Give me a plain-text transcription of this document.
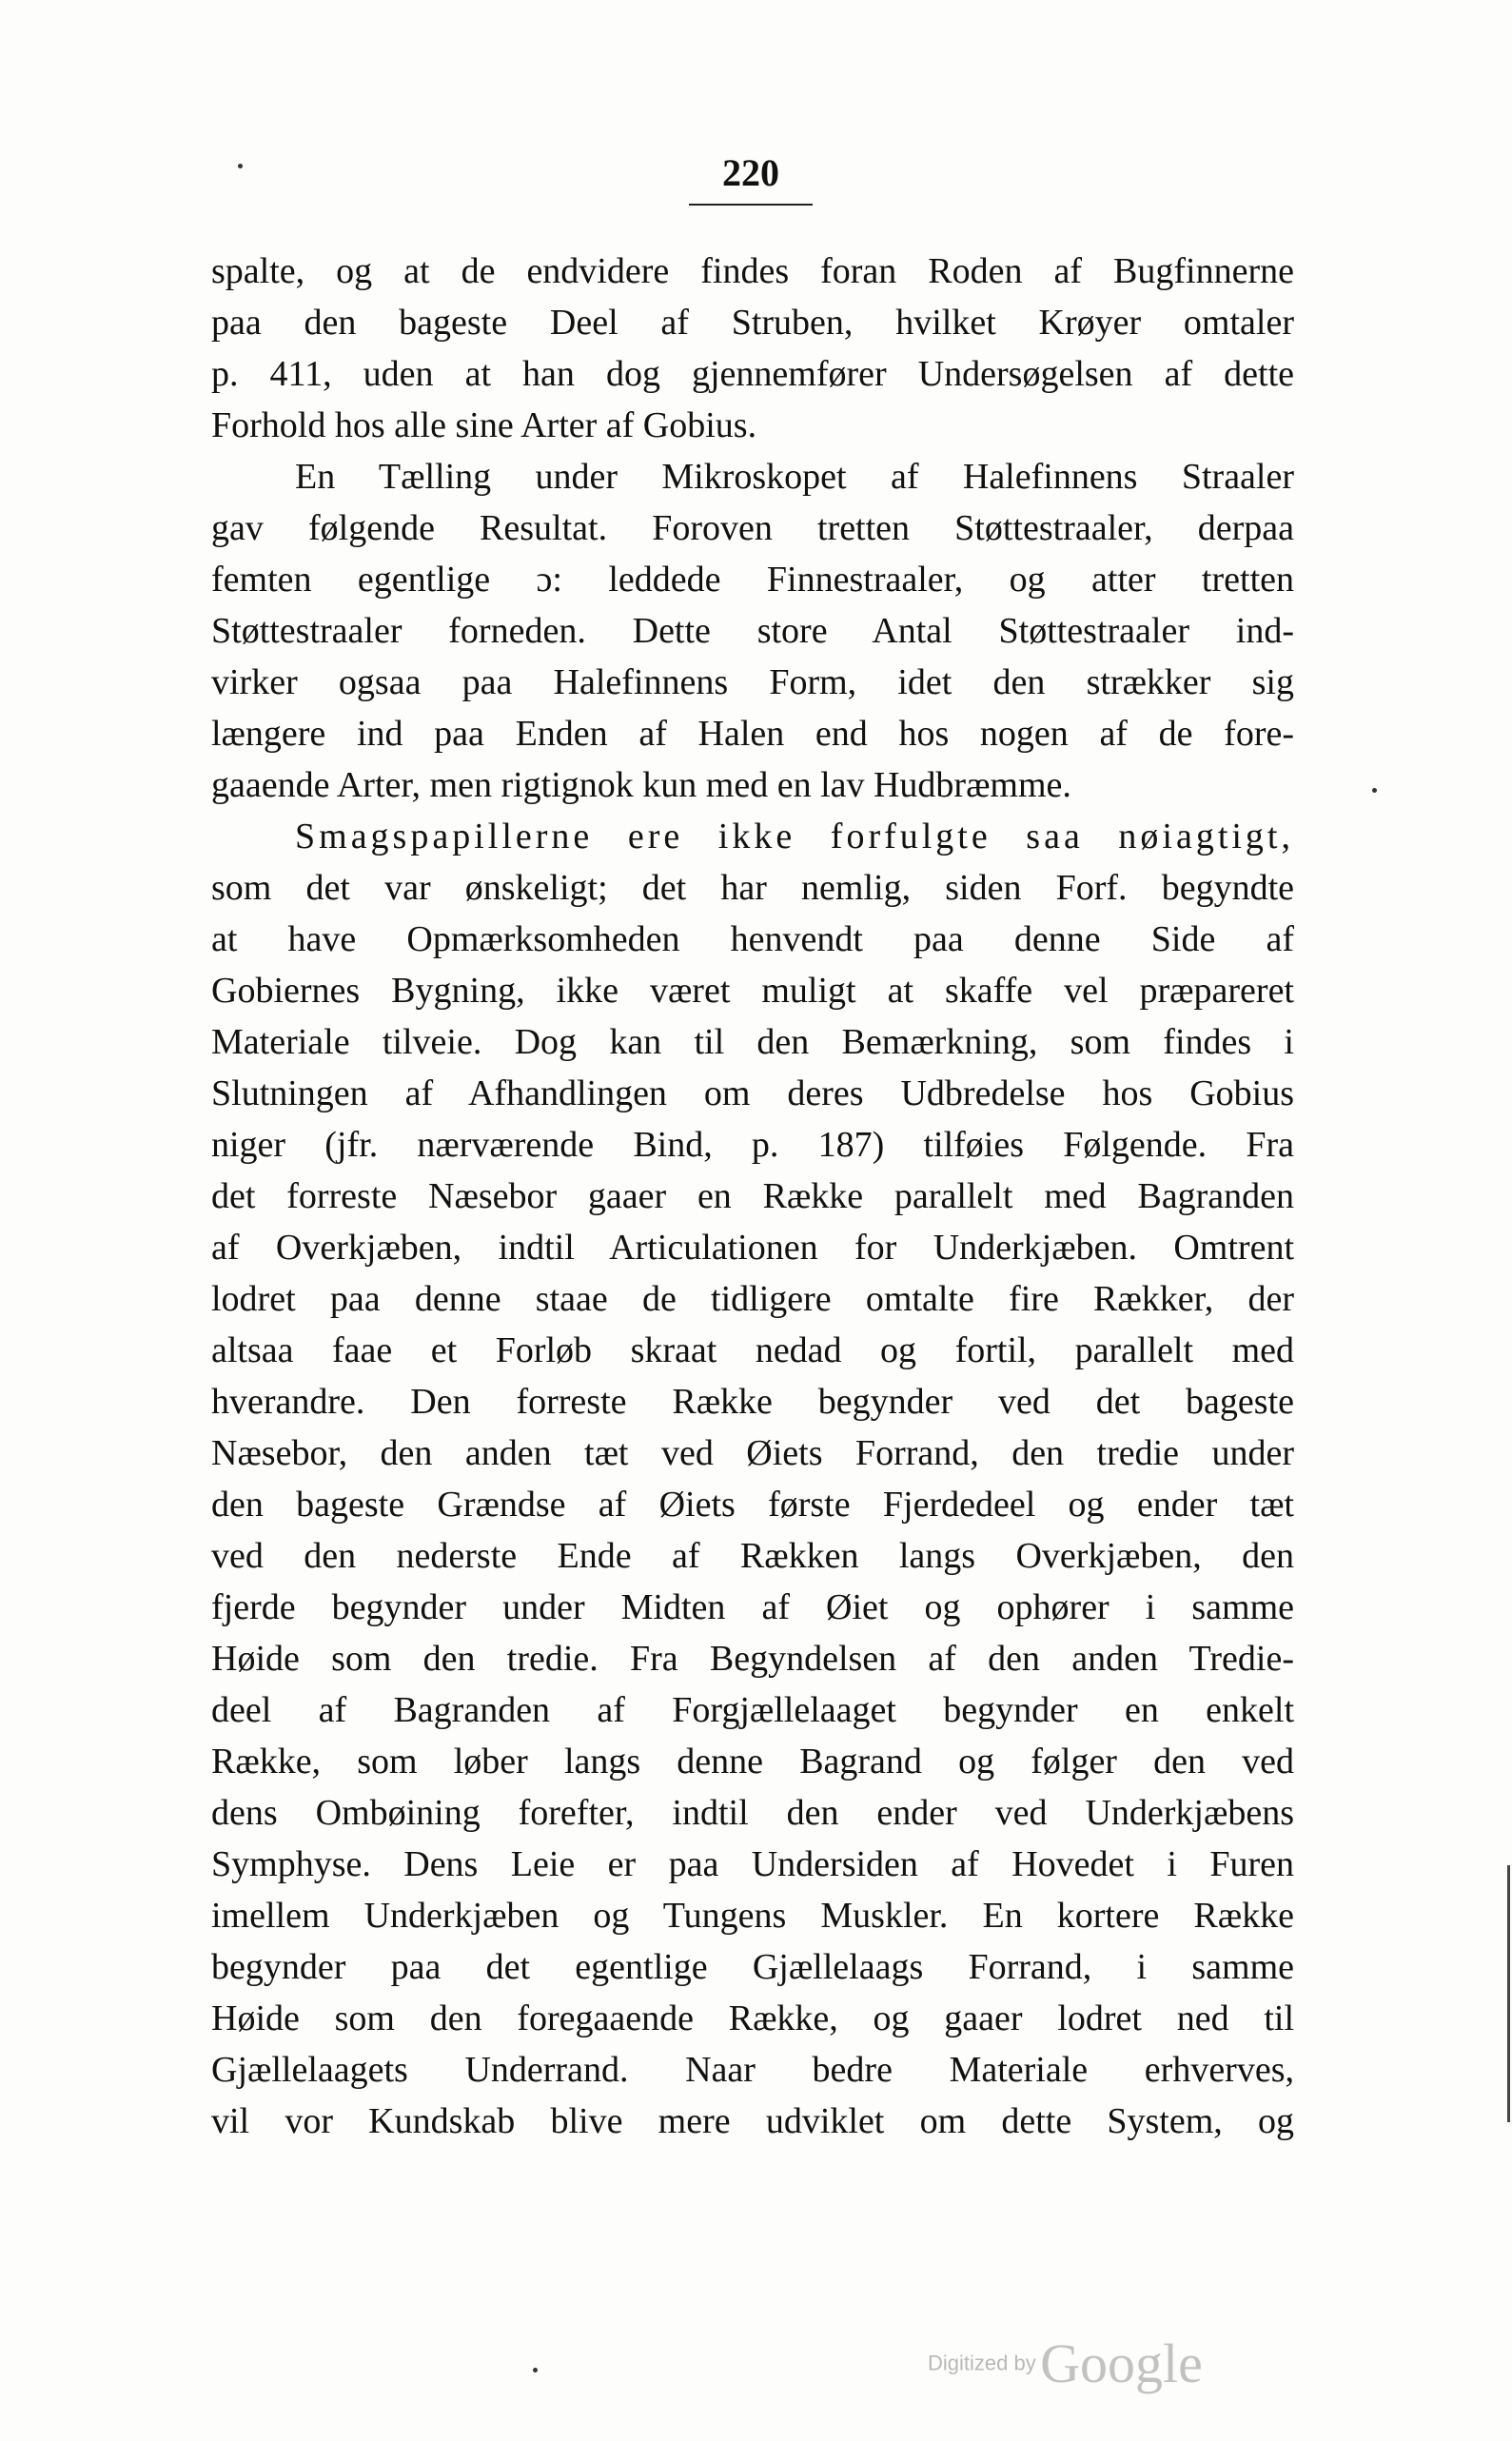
220
spalte, og at de endvidere findes foran Roden af Bugfinnerne
paa den bageste Deel af Struben, hvilket Krøyer omtaler
p. 411, uden at han dog gjennemfører Undersøgelsen af dette
Forhold hos alle sine Arter af Gobius.
En Tælling under Mikroskopet af Halefinnens Straaler
gav følgende Resultat. Foroven tretten Støttestraaler, derpaa
femten egentlige ɔ: leddede Finnestraaler, og atter tretten
Støttestraaler forneden. Dette store Antal Støttestraaler ind-
virker ogsaa paa Halefinnens Form, idet den strækker sig
længere ind paa Enden af Halen end hos nogen af de fore-
gaaende Arter, men rigtignok kun med en lav Hudbræmme.
Smagspapillerne ere ikke forfulgte saa nøiagtigt,
som det var ønskeligt; det har nemlig, siden Forf. begyndte
at have Opmærksomheden henvendt paa denne Side af
Gobiernes Bygning, ikke været muligt at skaffe vel præpareret
Materiale tilveie. Dog kan til den Bemærkning, som findes i
Slutningen af Afhandlingen om deres Udbredelse hos Gobius
niger (jfr. nærværende Bind, p. 187) tilføies Følgende. Fra
det forreste Næsebor gaaer en Række parallelt med Bagranden
af Overkjæben, indtil Articulationen for Underkjæben. Omtrent
lodret paa denne staae de tidligere omtalte fire Rækker, der
altsaa faae et Forløb skraat nedad og fortil, parallelt med
hverandre. Den forreste Række begynder ved det bageste
Næsebor, den anden tæt ved Øiets Forrand, den tredie under
den bageste Grændse af Øiets første Fjerdedeel og ender tæt
ved den nederste Ende af Rækken langs Overkjæben, den
fjerde begynder under Midten af Øiet og ophører i samme
Høide som den tredie. Fra Begyndelsen af den anden Tredie-
deel af Bagranden af Forgjællelaaget begynder en enkelt
Række, som løber langs denne Bagrand og følger den ved
dens Ombøining forefter, indtil den ender ved Underkjæbens
Symphyse. Dens Leie er paa Undersiden af Hovedet i Furen
imellem Underkjæben og Tungens Muskler. En kortere Række
begynder paa det egentlige Gjællelaags Forrand, i samme
Høide som den foregaaende Række, og gaaer lodret ned til
Gjællelaagets Underrand. Naar bedre Materiale erhverves,
vil vor Kundskab blive mere udviklet om dette System, og
Digitized by Google
